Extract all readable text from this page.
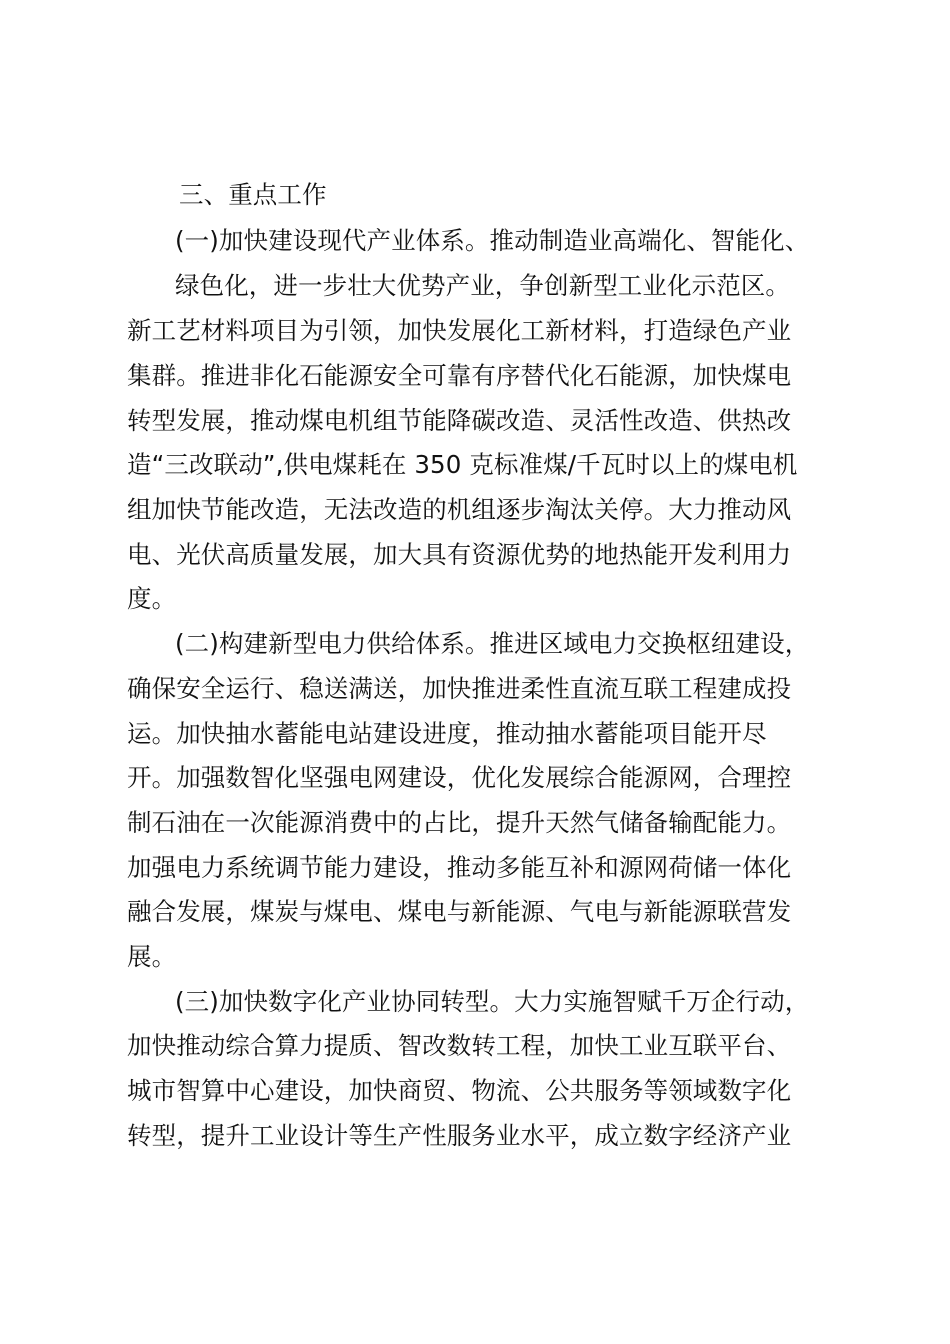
三、重点工作
(一)加快建设现代产业体系。推动制造业高端化、智能化、
绿色化，进一步壮大优势产业，争创新型工业化示范区。
新工艺材料项目为引领，加快发展化工新材料，打造绿色产业
集群。推进非化石能源安全可靠有序替代化石能源，加快煤电
转型发展，推动煤电机组节能降碳改造、灵活性改造、供热改
造“三改联动”,供电煤耗在 350 克标准煤/千瓦时以上的煤电机
组加快节能改造，无法改造的机组逐步淘汰关停。大力推动风
电、光伏高质量发展，加大具有资源优势的地热能开发利用力
度。
(二)构建新型电力供给体系。推进区域电力交换枢纽建设，
确保安全运行、稳送满送，加快推进柔性直流互联工程建成投
运。加快抽水蓄能电站建设进度，推动抽水蓄能项目能开尽
开。加强数智化坚强电网建设，优化发展综合能源网，合理控
制石油在一次能源消费中的占比，提升天然气储备输配能力。
加强电力系统调节能力建设，推动多能互补和源网荷储一体化
融合发展，煤炭与煤电、煤电与新能源、气电与新能源联营发
展。
(三)加快数字化产业协同转型。大力实施智赋千万企行动，
加快推动综合算力提质、智改数转工程，加快工业互联平台、
城市智算中心建设，加快商贸、物流、公共服务等领域数字化
转型，提升工业设计等生产性服务业水平，成立数字经济产业
